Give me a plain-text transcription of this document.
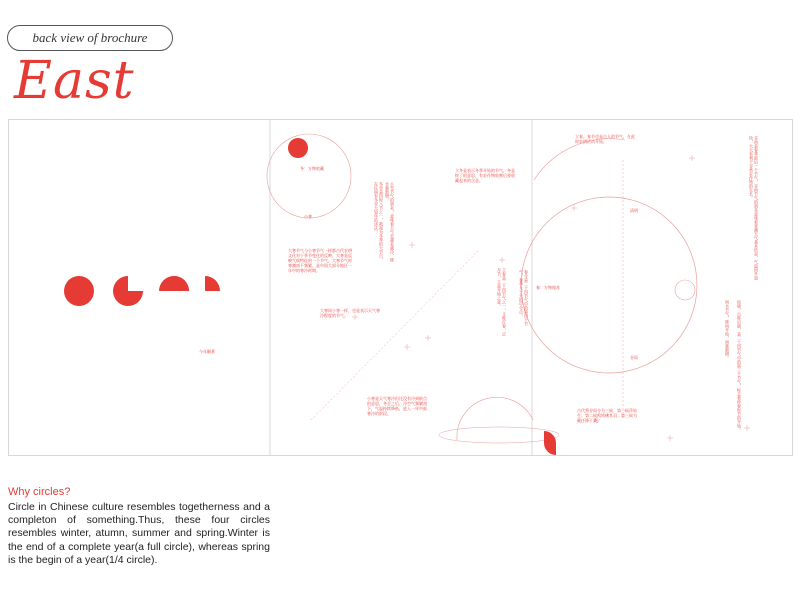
back view of brochure
East
今年顯著
冬：万物收藏
大寒节气与小寒节气一样都古代农耕文化对于季节变化的反映，大寒是反映气候特征的一个节气，大寒节气时寒潮南下频繁，是中国大部分地区一年中的寒冷时期。
立冬是表示冬季开始的节气，冬是终了的意思，有农作物收割后要收藏起来的含意。
大寒同小寒一样，也是表示天气寒冷程度的节气。
小寒是天气寒冷但还没有冷到极点的意思，冬至之后，冷空气频繁南下，气温持续降低，进入一年中最寒冷的阶段。
冬至是四时八节之一，被视为冬季的大节日，在民间有冬至大如年的讲法。	小雪节气的到来，意味着天气会越来越冷、降水量渐增。
小寒
春：万物復苏
立春，春节也是古人的节气，在此时农耕活动开始。
立春是二十四节气之一，又称打春，正月节，立是开始之意。	春分是二十四节气中的第四个节气，春季九十天的中分点。
古代将谷雨分为三候：第一候萍始生；第二候鸣鸠拂其羽；第三候为戴任降于桑。
清明
谷雨
谷雨是春季最后一个节气，谷雨节气的到来意味着寒潮天气基本结束，气温回升加快，大大有利于谷类农作物的生长。
惊蛰，古称启蛰，是二十四节气中的第三个节气，标志着仲春时节的开始。
雨水节气，降雨开始，雨量渐增。
Why circles?
Circle in Chinese culture resembles togetherness and a completon of something.Thus, these four circles resembles winter, atumn, summer and spring.Winter is the end of a complete year(a full circle), whereas spring is the begin of a year(1/4 circle).
